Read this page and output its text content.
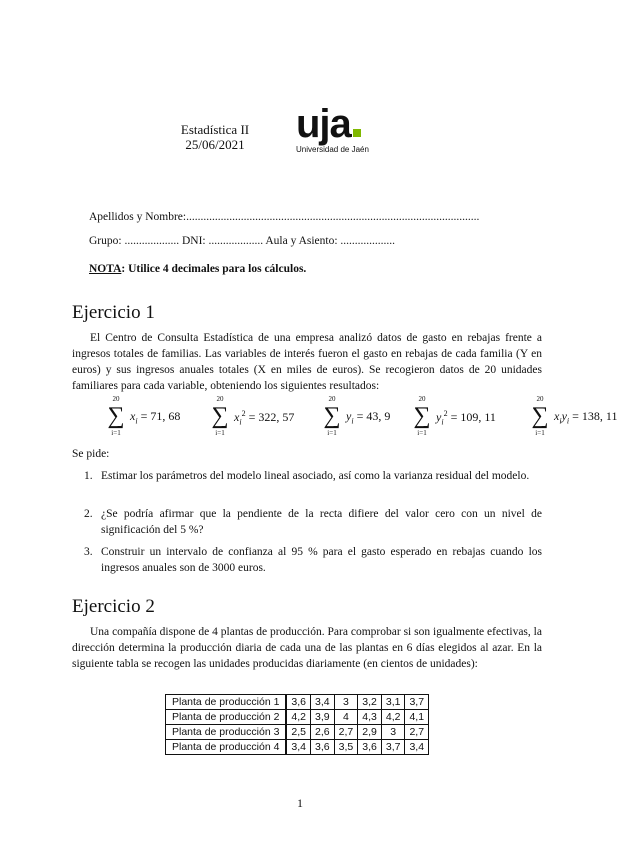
Estadística II
25/06/2021	uja
Universidad de Jaén
Apellidos y Nombre:......................................................................................................
Grupo: ................... DNI: ................... Aula y Asiento: ...................
NOTA: Utilice 4 decimales para los cálculos.
Ejercicio 1
El Centro de Consulta Estadística de una empresa analizó datos de gasto en rebajas frente a ingresos totales de familias. Las variables de interés fueron el gasto en rebajas de cada familia (Y en euros) y sus ingresos anuales totales (X en miles de euros). Se recogieron datos de 20 unidades familiares para cada variable, obteniendo los siguientes resultados:
20
∑
i=1
$x_i = 71$, 68
20
∑
i=1
$x_i^2 = 322$, 57
20
∑
i=1
$y_i = 43$, 9
20
∑
i=1
$y_i^2 = 109$, 11
20
∑
i=1
$x_iy_i = 138$, 11
Se pide:
1. Estimar los parámetros del modelo lineal asociado, así como la varianza residual del modelo.
2. ¿Se podría afirmar que la pendiente de la recta difiere del valor cero con un nivel de significación del 5 %?
3. Construir un intervalo de confianza al 95 % para el gasto esperado en rebajas cuando los ingresos anuales son de 3000 euros.
Ejercicio 2
Una compañía dispone de 4 plantas de producción. Para comprobar si son igualmente efectivas, la dirección determina la producción diaria de cada una de las plantas en 6 días elegidos al azar. En la siguiente tabla se recogen las unidades producidas diariamente (en cientos de unidades):
Planta de producción 1	3,6	3,4	3	3,2	3,1	3,7
Planta de producción 2	4,2	3,9	4	4,3	4,2	4,1
Planta de producción 3	2,5	2,6	2,7	2,9	3	2,7
Planta de producción 4	3,4	3,6	3,5	3,6	3,7	3,4
1
